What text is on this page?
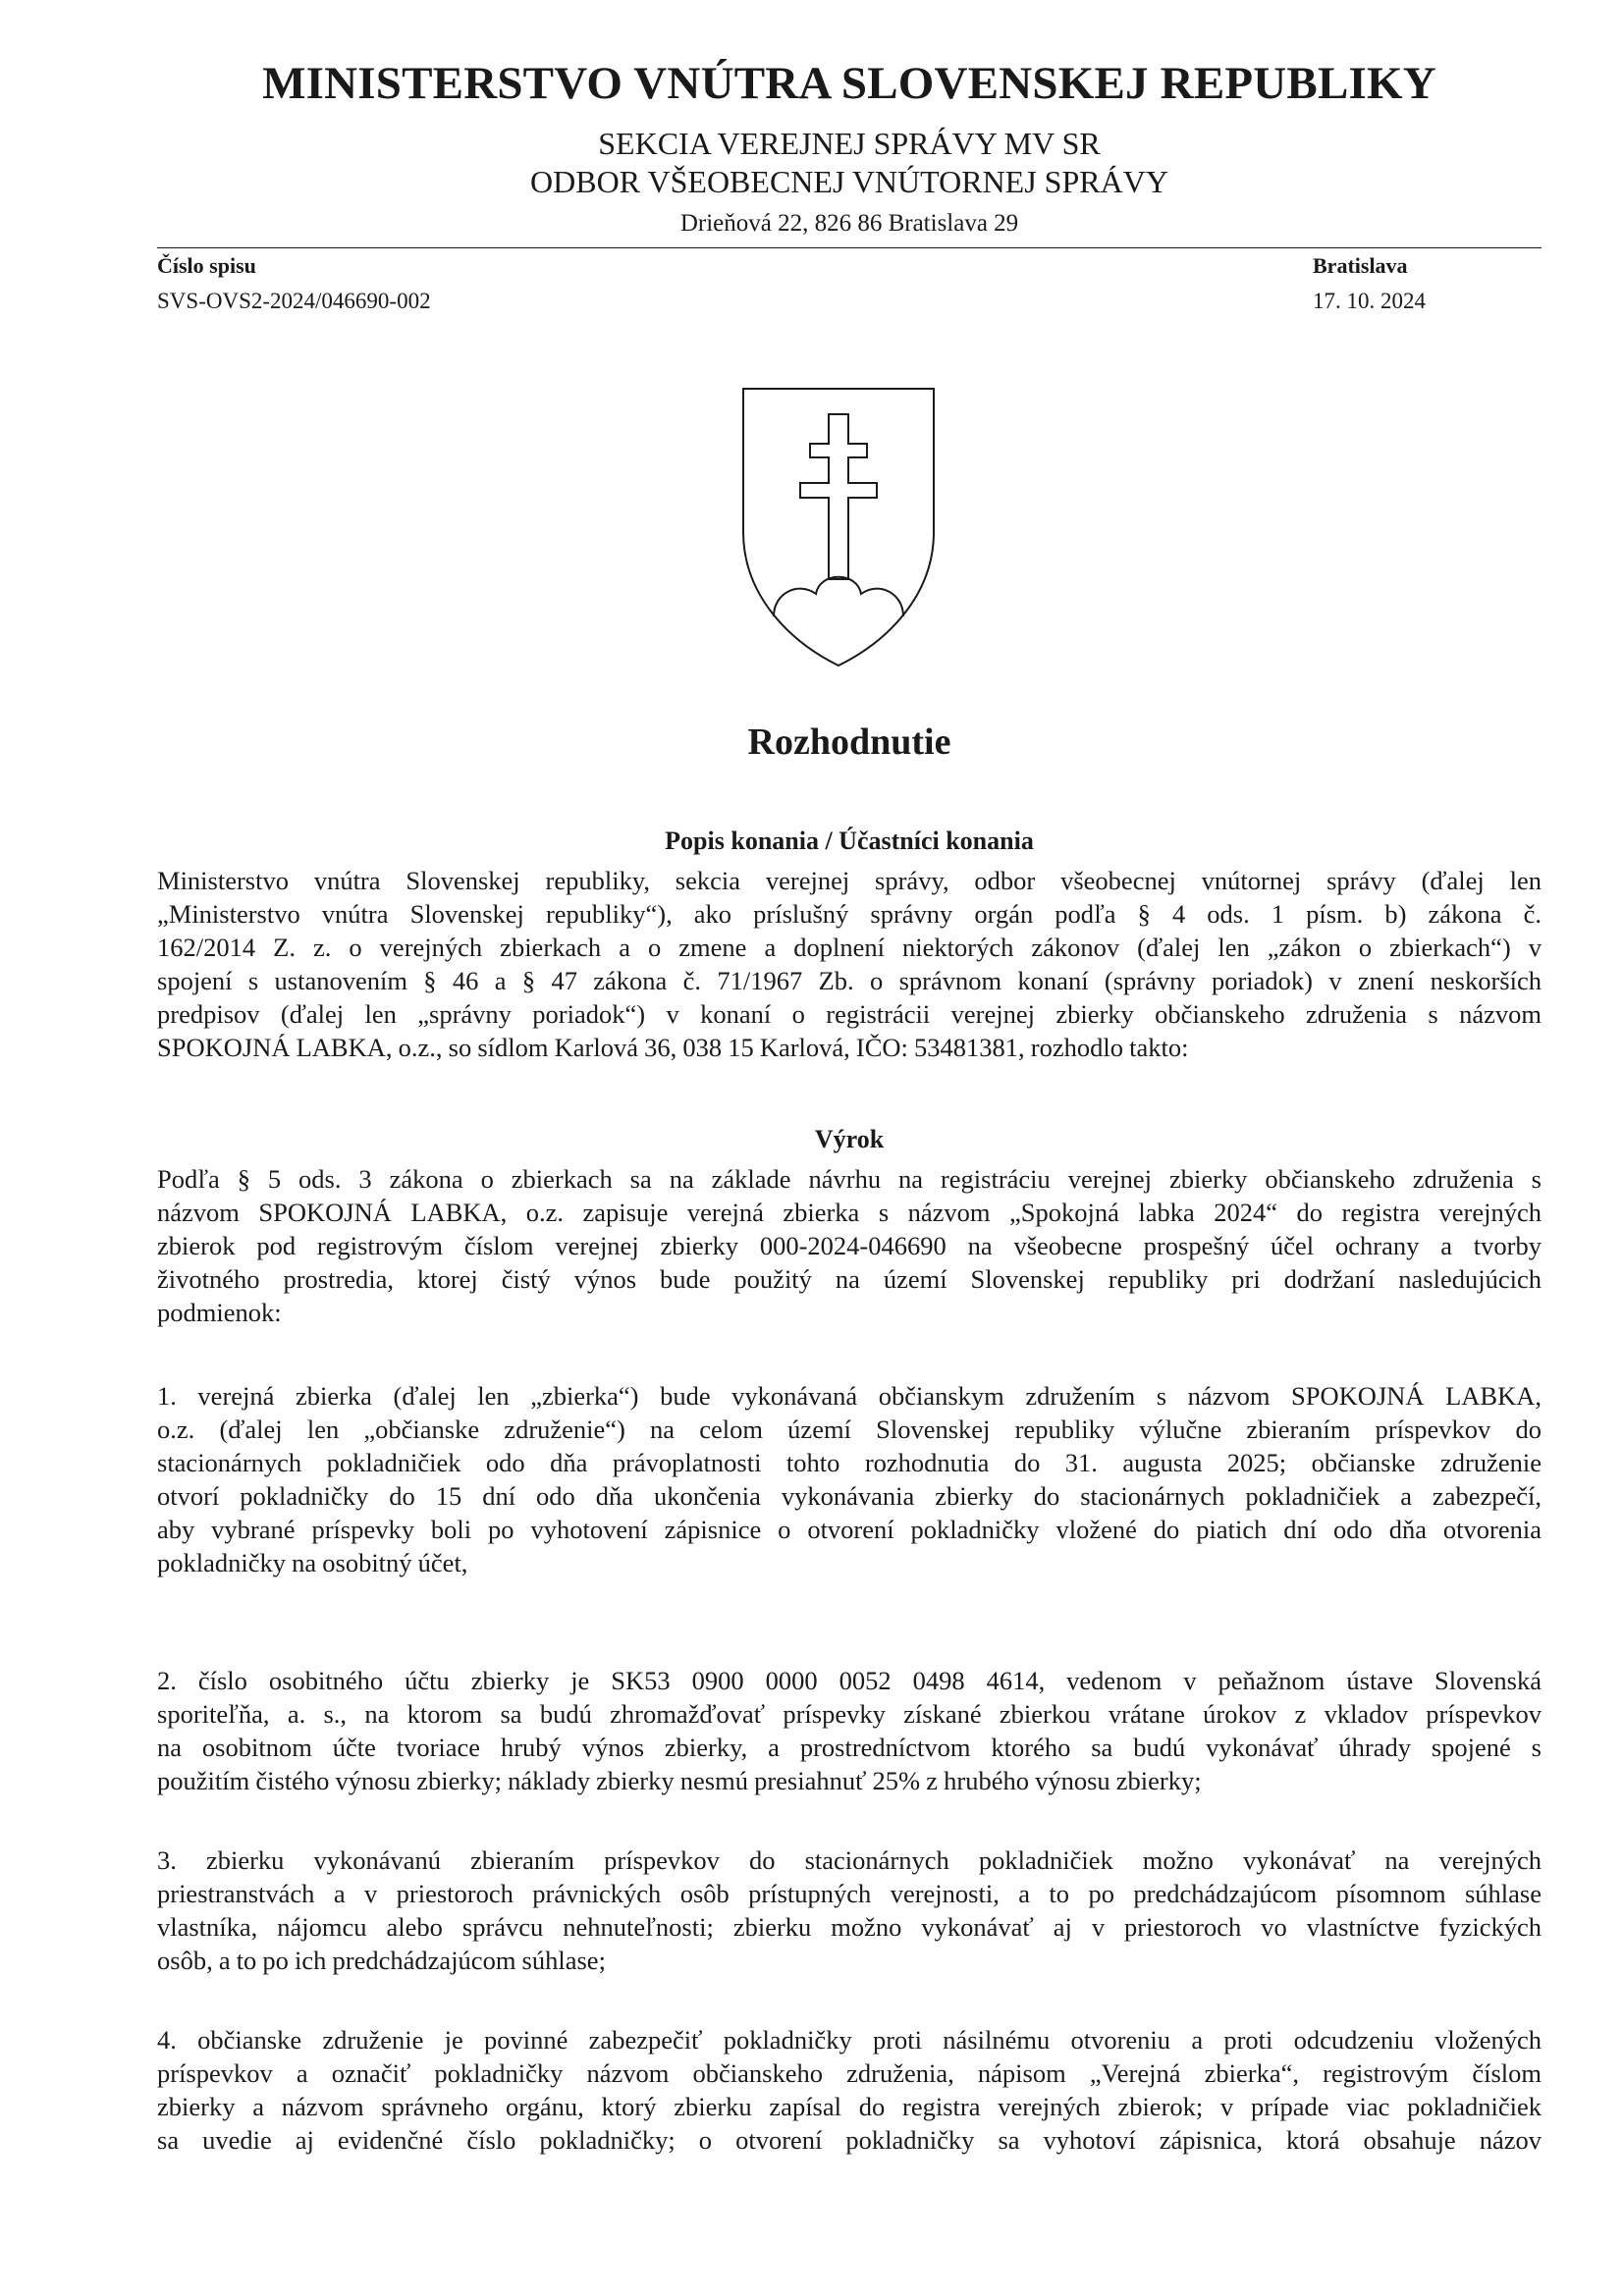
MINISTERSTVO VNÚTRA SLOVENSKEJ REPUBLIKY
SEKCIA VEREJNEJ SPRÁVY MV SR
ODBOR VŠEOBECNEJ VNÚTORNEJ SPRÁVY
Drieňová 22, 826 86 Bratislava 29
Číslo spisu
SVS-OVS2-2024/046690-002
Bratislava
17. 10. 2024
Rozhodnutie
Popis konania / Účastníci konania
Ministerstvo vnútra Slovenskej republiky, sekcia verejnej správy, odbor všeobecnej vnútornej správy (ďalej len
„Ministerstvo vnútra Slovenskej republiky“), ako príslušný správny orgán podľa § 4 ods. 1 písm. b) zákona č.
162/2014 Z. z. o verejných zbierkach a o zmene a doplnení niektorých zákonov (ďalej len „zákon o zbierkach“) v
spojení s ustanovením § 46 a § 47 zákona č. 71/1967 Zb. o správnom konaní (správny poriadok) v znení neskorších
predpisov (ďalej len „správny poriadok“) v konaní o registrácii verejnej zbierky občianskeho združenia s názvom
SPOKOJNÁ LABKA, o.z., so sídlom Karlová 36, 038 15 Karlová, IČO: 53481381, rozhodlo takto:
Výrok
Podľa § 5 ods. 3 zákona o zbierkach sa na základe návrhu na registráciu verejnej zbierky občianskeho združenia s
názvom SPOKOJNÁ LABKA, o.z. zapisuje verejná zbierka s názvom „Spokojná labka 2024“ do registra verejných
zbierok pod registrovým číslom verejnej zbierky 000-2024-046690 na všeobecne prospešný účel ochrany a tvorby
životného prostredia, ktorej čistý výnos bude použitý na území Slovenskej republiky pri dodržaní nasledujúcich
podmienok:
1. verejná zbierka (ďalej len „zbierka“) bude vykonávaná občianskym združením s názvom SPOKOJNÁ LABKA,
o.z. (ďalej len „občianske združenie“) na celom území Slovenskej republiky výlučne zbieraním príspevkov do
stacionárnych pokladničiek odo dňa právoplatnosti tohto rozhodnutia do 31. augusta 2025; občianske združenie
otvorí pokladničky do 15 dní odo dňa ukončenia vykonávania zbierky do stacionárnych pokladničiek a zabezpečí,
aby vybrané príspevky boli po vyhotovení zápisnice o otvorení pokladničky vložené do piatich dní odo dňa otvorenia
pokladničky na osobitný účet,
2. číslo osobitného účtu zbierky je SK53 0900 0000 0052 0498 4614, vedenom v peňažnom ústave Slovenská
sporiteľňa, a. s., na ktorom sa budú zhromažďovať príspevky získané zbierkou vrátane úrokov z vkladov príspevkov
na osobitnom účte tvoriace hrubý výnos zbierky, a prostredníctvom ktorého sa budú vykonávať úhrady spojené s
použitím čistého výnosu zbierky; náklady zbierky nesmú presiahnuť 25% z hrubého výnosu zbierky;
3. zbierku vykonávanú zbieraním príspevkov do stacionárnych pokladničiek možno vykonávať na verejných
priestranstvách a v priestoroch právnických osôb prístupných verejnosti, a to po predchádzajúcom písomnom súhlase
vlastníka, nájomcu alebo správcu nehnuteľnosti; zbierku možno vykonávať aj v priestoroch vo vlastníctve fyzických
osôb, a to po ich predchádzajúcom súhlase;
4. občianske združenie je povinné zabezpečiť pokladničky proti násilnému otvoreniu a proti odcudzeniu vložených
príspevkov a označiť pokladničky názvom občianskeho združenia, nápisom „Verejná zbierka“, registrovým číslom
zbierky a názvom správneho orgánu, ktorý zbierku zapísal do registra verejných zbierok; v prípade viac pokladničiek
sa uvedie aj evidenčné číslo pokladničky; o otvorení pokladničky sa vyhotoví zápisnica, ktorá obsahuje názov
